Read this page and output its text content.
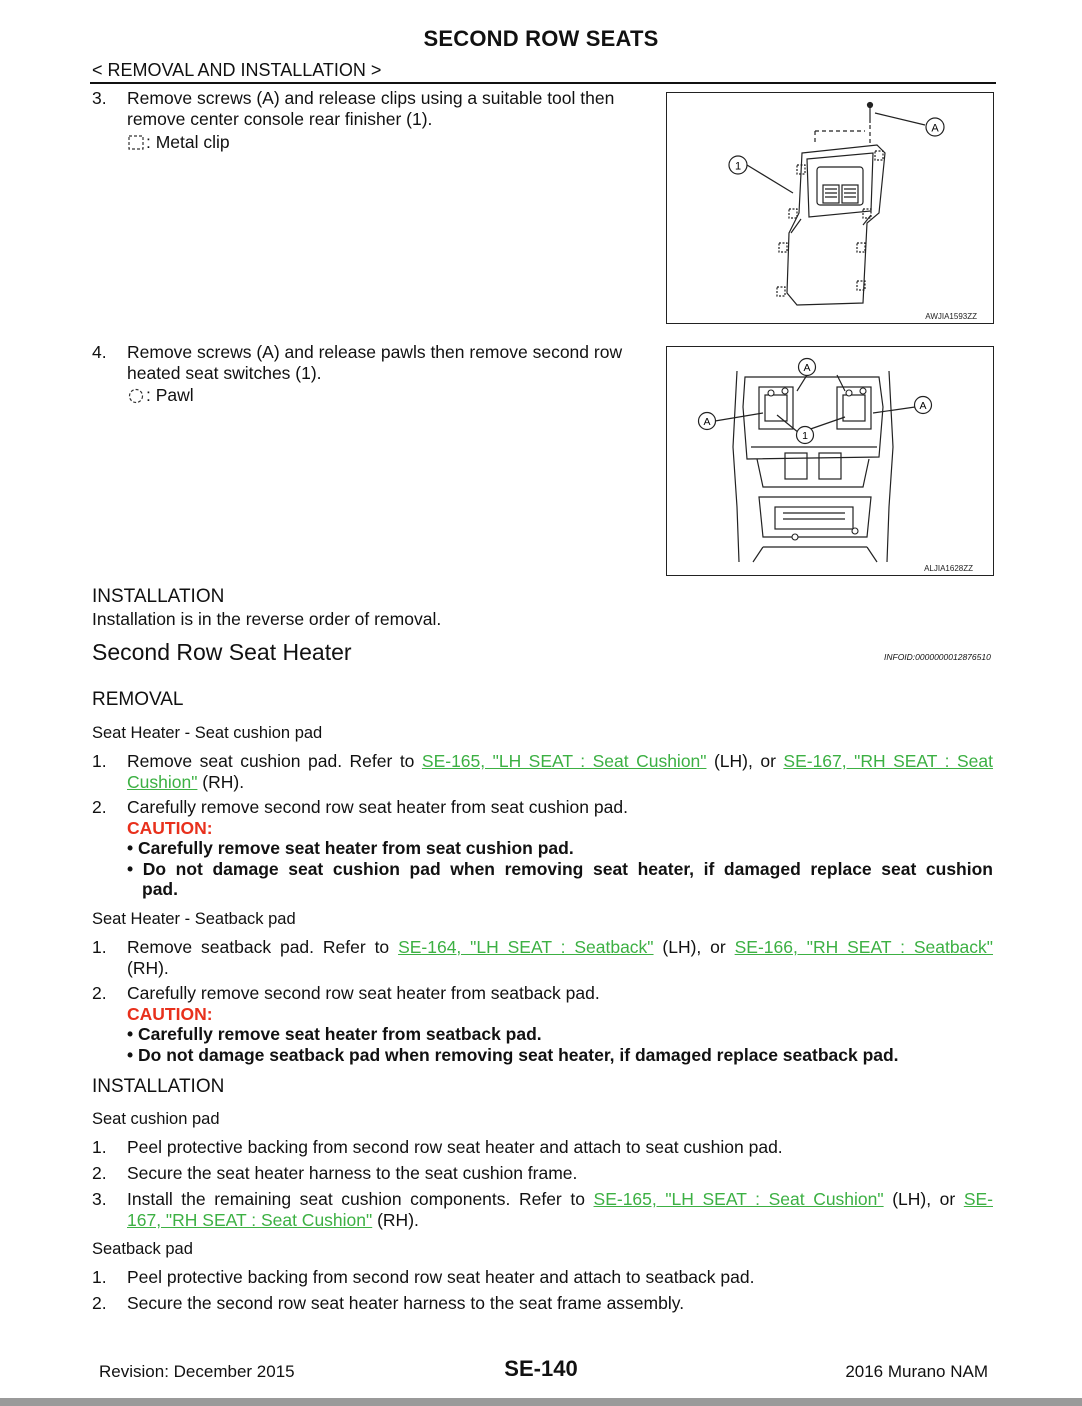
SECOND ROW SEATS
< REMOVAL AND INSTALLATION >
3. Remove screws (A) and release clips using a suitable tool then
remove center console rear finisher (1).
: Metal clip
A
1
AWJIA1593ZZ
4. Remove screws (A) and release pawls then remove second row
heated seat switches (1).
: Pawl
A
A
A
1
ALJIA1628ZZ
INSTALLATION
Installation is in the reverse order of removal.
Second Row Seat Heater	INFOID:0000000012876510
REMOVAL
Seat Heater - Seat cushion pad
1. Remove seat cushion pad. Refer to SE-165, "LH SEAT : Seat Cushion" (LH), or SE-167, "RH SEAT : Seat
Cushion" (RH).
2. Carefully remove second row seat heater from seat cushion pad.
CAUTION:
• Carefully remove seat heater from seat cushion pad.
• Do not damage seat cushion pad when removing seat heater, if damaged replace seat cushion
pad.
Seat Heater - Seatback pad
1. Remove seatback pad. Refer to SE-164, "LH SEAT : Seatback" (LH), or SE-166, "RH SEAT : Seatback"
(RH).
2. Carefully remove second row seat heater from seatback pad.
CAUTION:
• Carefully remove seat heater from seatback pad.
• Do not damage seatback pad when removing seat heater, if damaged replace seatback pad.
INSTALLATION
Seat cushion pad
1. Peel protective backing from second row seat heater and attach to seat cushion pad.
2. Secure the seat heater harness to the seat cushion frame.
3. Install the remaining seat cushion components. Refer to SE-165, "LH SEAT : Seat Cushion" (LH), or SE-
167, "RH SEAT : Seat Cushion" (RH).
Seatback pad
1. Peel protective backing from second row seat heater and attach to seatback pad.
2. Secure the second row seat heater harness to the seat frame assembly.
Revision: December 2015	SE-140	2016 Murano NAM
